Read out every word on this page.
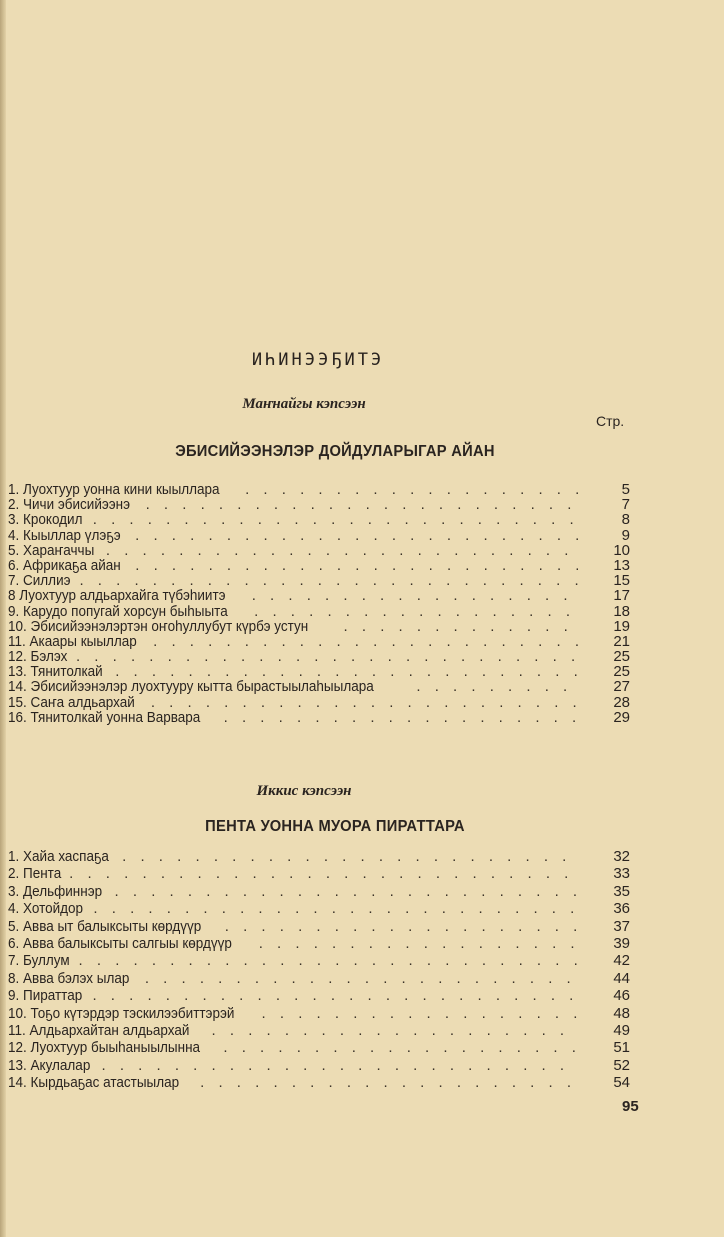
ИҺИНЭЭҔИТЭ
Маҥнайгы кэпсээн
Стр.
ЭБИСИЙЭЭНЭЛЭР ДОЙДУЛАРЫГАР АЙАН
1. Луохтуур уонна кини кыыллара . . .	5
2. Чичи эбисийээнэ . . .	7
3. Крокодил . . .	8
4. Кыыллар үлэҕэ . . .	9
5. Хараҥаччы . . .	10
6. Африкаҕа айан . . .	13
7. Силлиэ . . .	15
8 Луохтуур алдьархайга түбэһиитэ . . .	17
9. Карудо попугай хорсун быһыыта . . .	18
10. Эбисийээнэлэртэн оҥоһуллубут күрбэ устун . . .	19
11. Акаары кыыллар . . .	21
12. Бэлэх . . .	25
13. Тянитолкай . . .	25
14. Эбисийээнэлэр луохтууру кытта быраcтыылаһыылара . . .	27
15. Саҥа алдьархай . . .	28
16. Тянитолкай уонна Варвара . . .	29
Иккис кэпсээн
ПЕНТА УОННА МУОРА ПИРАТТАРА
1. Хайа хаспаҕа . . .	32
2. Пента . . .	33
3. Дельфиннэр . . .	35
4. Хотойдор . . .	36
5. Авва ыт балыксыты көрдүүр . . .	37
6. Авва балыксыты салгыы көрдүүр . . .	39
7. Буллум . . .	42
8. Авва бэлэх ылар . . .	44
9. Пираттар . . .	46
10. Тоҕо күтэрдэр тэскилээбиттэрэй . . .	48
11. Алдьархайтан алдьархай . . .	49
12. Луохтуур быыһаныылынна . . .	51
13. Акулалар . . .	52
14. Кырдьаҕас атастыылар . . .	54
95
